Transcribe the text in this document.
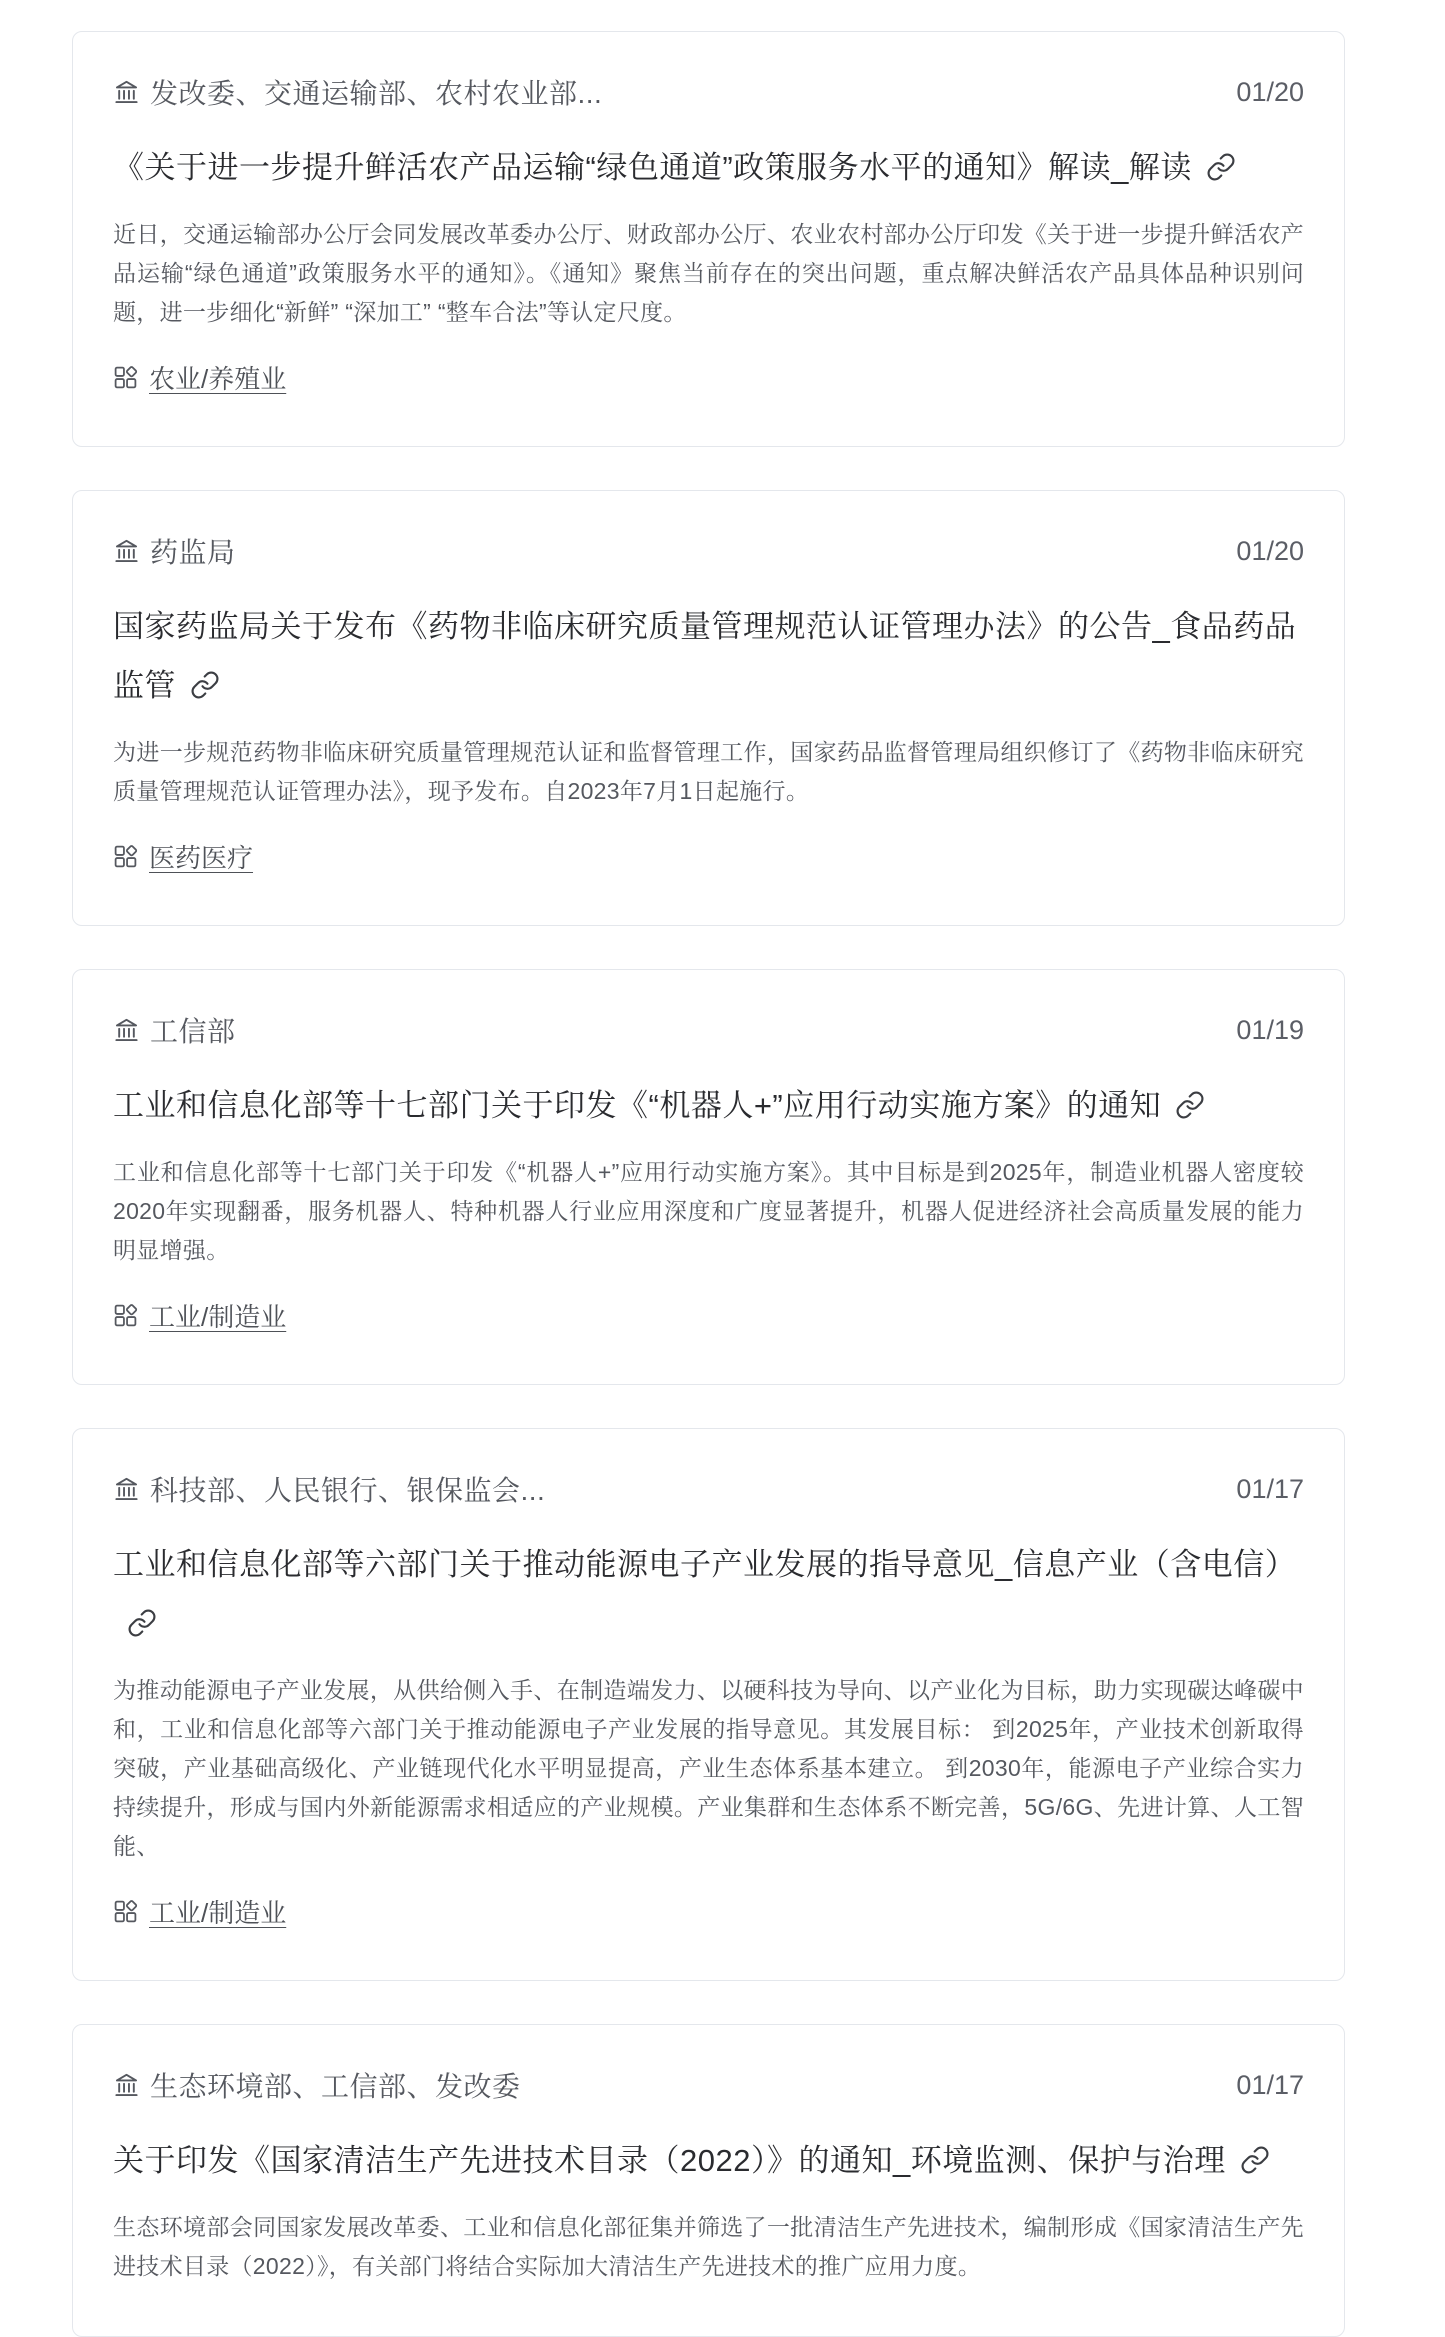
发改委、交通运输部、农村农业部...	01/20
《关于进一步提升鲜活农产品运输“绿色通道”政策服务水平的通知》解读_解读

近日，交通运输部办公厅会同发展改革委办公厅、财政部办公厅、农业农村部办公厅印发《关于进一步提升鲜活农产品运输“绿色通道”政策服务水平的通知》。《通知》聚焦当前存在的突出问题，重点解决鲜活农产品具体品种识别问题，进一步细化“新鲜” “深加工” “整车合法”等认定尺度。

农业/养殖业
药监局	01/20
国家药监局关于发布《药物非临床研究质量管理规范认证管理办法》的公告_食品药品监管

为进一步规范药物非临床研究质量管理规范认证和监督管理工作，国家药品监督管理局组织修订了《药物非临床研究质量管理规范认证管理办法》，现予发布。自2023年7月1日起施行。

医药医疗
工信部	01/19
工业和信息化部等十七部门关于印发《“机器人+”应用行动实施方案》的通知

工业和信息化部等十七部门关于印发《“机器人+”应用行动实施方案》。其中目标是到2025年，制造业机器人密度较2020年实现翻番，服务机器人、特种机器人行业应用深度和广度显著提升，机器人促进经济社会高质量发展的能力明显增强。

工业/制造业
科技部、人民银行、银保监会...	01/17
工业和信息化部等六部门关于推动能源电子产业发展的指导意见_信息产业（含电信）

为推动能源电子产业发展，从供给侧入手、在制造端发力、以硬科技为导向、以产业化为目标，助力实现碳达峰碳中和，工业和信息化部等六部门关于推动能源电子产业发展的指导意见。其发展目标： 到2025年，产业技术创新取得突破，产业基础高级化、产业链现代化水平明显提高，产业生态体系基本建立。 到2030年，能源电子产业综合实力持续提升，形成与国内外新能源需求相适应的产业规模。产业集群和生态体系不断完善，5G/6G、先进计算、人工智能、

工业/制造业
生态环境部、工信部、发改委	01/17
关于印发《国家清洁生产先进技术目录（2022）》的通知_环境监测、保护与治理

生态环境部会同国家发展改革委、工业和信息化部征集并筛选了一批清洁生产先进技术，编制形成《国家清洁生产先进技术目录（2022）》，有关部门将结合实际加大清洁生产先进技术的推广应用力度。
